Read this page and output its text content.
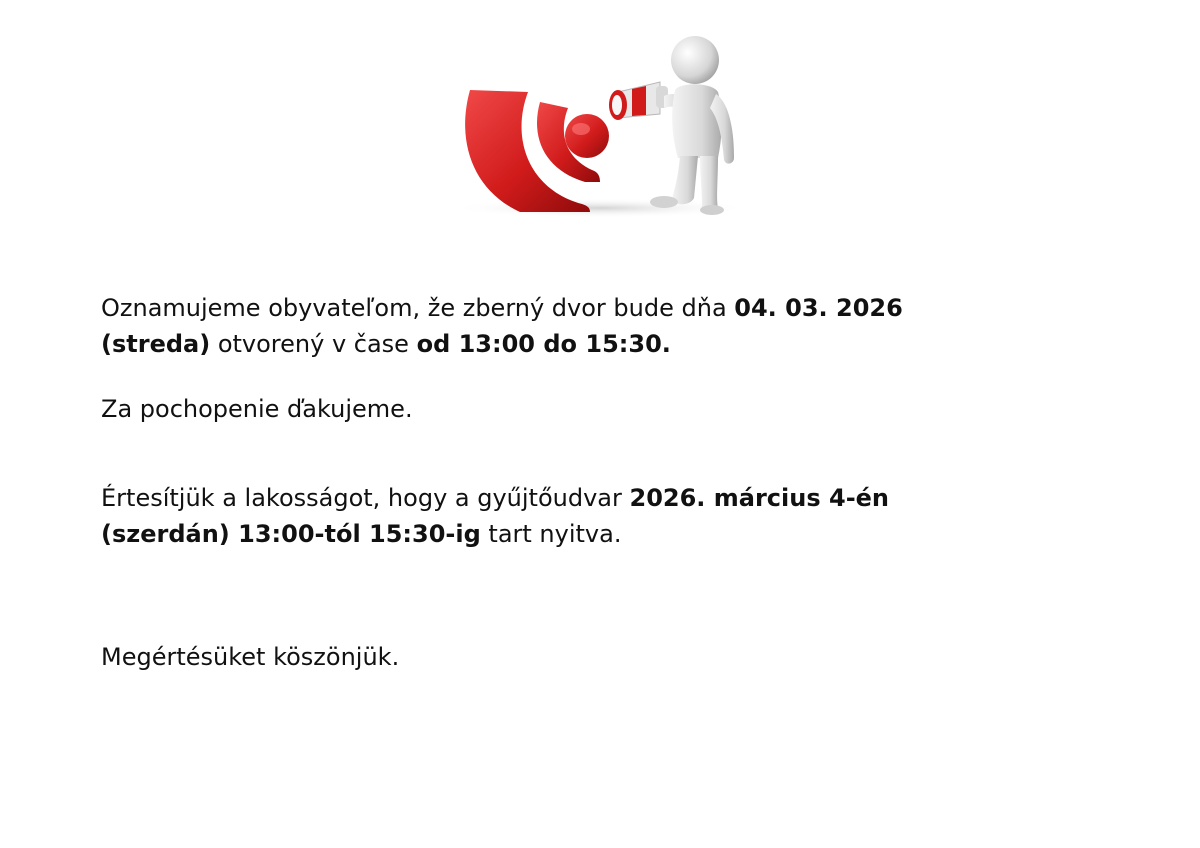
Oznamujeme obyvateľom, že zberný dvor bude dňa 04. 03. 2026
(streda) otvorený v čase od 13:00 do 15:30.
Za pochopenie ďakujeme.
Értesítjük a lakosságot, hogy a gyűjtőudvar 2026. március 4-én
(szerdán) 13:00-tól 15:30-ig tart nyitva.
Megértésüket köszönjük.
